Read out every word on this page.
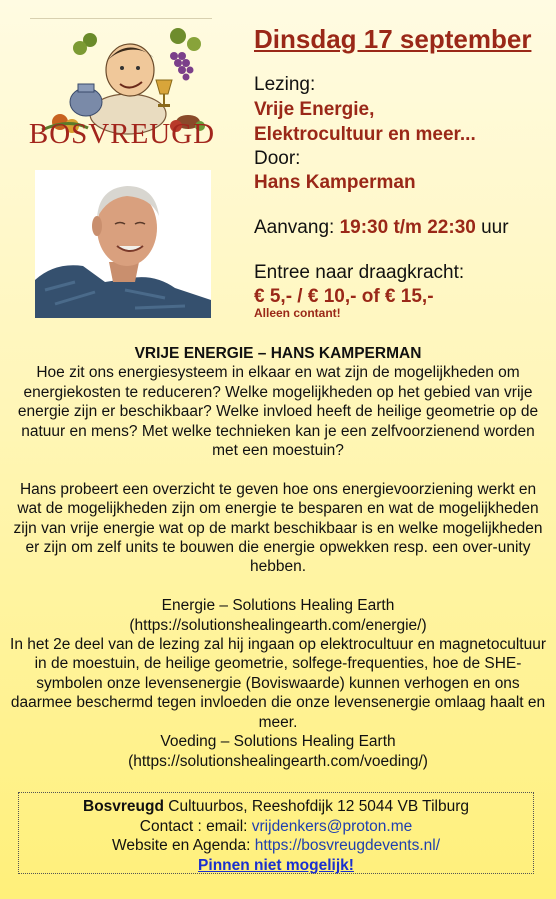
BOSVREUGD
Dinsdag 17 september
Lezing:
Vrije Energie,
Elektrocultuur en meer...
Door:
Hans Kamperman
Aanvang: 19:30 t/m 22:30 uur
Entree naar draagkracht:
€ 5,- / € 10,- of € 15,-
Alleen contant!

VRIJE ENERGIE – HANS KAMPERMAN

Hoe zit ons energiesysteem in elkaar en wat zijn de mogelijkheden om energiekosten te reduceren? Welke mogelijkheden op het gebied van vrije energie zijn er beschikbaar? Welke invloed heeft de heilige geometrie op de natuur en mens? Met welke technieken kan je een zelfvoorzienend worden met een moestuin?

Hans probeert een overzicht te geven hoe ons energievoorziening werkt en wat de mogelijkheden zijn om energie te besparen en wat de mogelijkheden zijn van vrije energie wat op de markt beschikbaar is en welke mogelijkheden er zijn om zelf units te bouwen die energie opwekken resp. een over-unity hebben.

Energie – Solutions Healing Earth

(https://solutionshealingearth.com/energie/)

In het 2e deel van de lezing zal hij ingaan op elektrocultuur en magnetocultuur in de moestuin, de heilige geometrie, solfege-frequenties, hoe de SHE-symbolen onze levensenergie (Boviswaarde) kunnen verhogen en ons daarmee beschermd tegen invloeden die onze levensenergie omlaag haalt en meer.

Voeding – Solutions Healing Earth

(https://solutionshealingearth.com/voeding/)

Bosvreugd Cultuurbos, Reeshofdijk 12 5044 VB Tilburg
Contact : email: vrijdenkers@proton.me
Website en Agenda: https://bosvreugdevents.nl/
Pinnen niet mogelijk!
